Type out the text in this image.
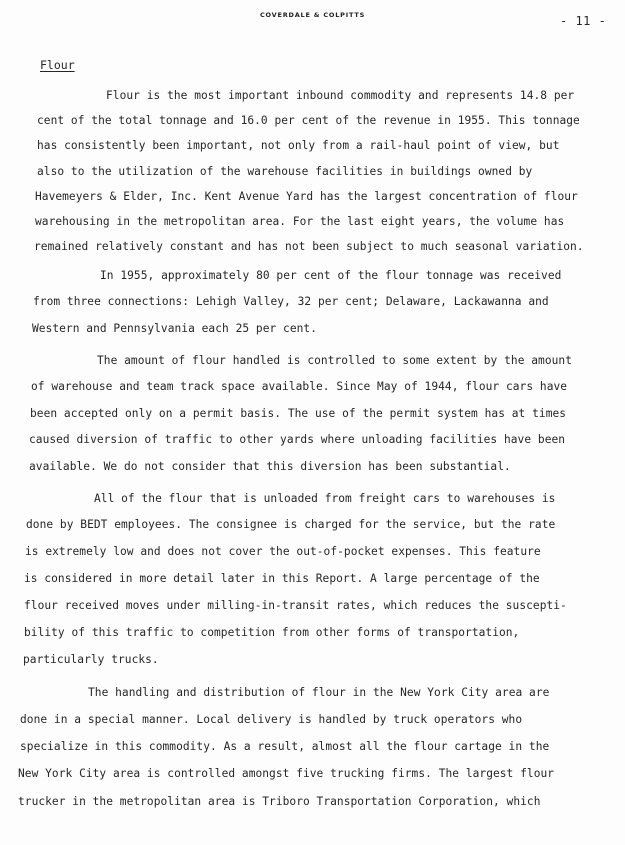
COVERDALE & COLPITTS	- 11 -
Flour
Flour is the most important inbound commodity and represents 14.8 per
cent of the total tonnage and 16.0 per cent of the revenue in 1955. This tonnage
has consistently been important, not only from a rail-haul point of view, but
also to the utilization of the warehouse facilities in buildings owned by
Havemeyers & Elder, Inc. Kent Avenue Yard has the largest concentration of flour
warehousing in the metropolitan area. For the last eight years, the volume has
remained relatively constant and has not been subject to much seasonal variation.
In 1955, approximately 80 per cent of the flour tonnage was received
from three connections: Lehigh Valley, 32 per cent; Delaware, Lackawanna and
Western and Pennsylvania each 25 per cent.
The amount of flour handled is controlled to some extent by the amount
of warehouse and team track space available. Since May of 1944, flour cars have
been accepted only on a permit basis. The use of the permit system has at times
caused diversion of traffic to other yards where unloading facilities have been
available. We do not consider that this diversion has been substantial.
All of the flour that is unloaded from freight cars to warehouses is
done by BEDT employees. The consignee is charged for the service, but the rate
is extremely low and does not cover the out-of-pocket expenses. This feature
is considered in more detail later in this Report. A large percentage of the
flour received moves under milling-in-transit rates, which reduces the suscepti-
bility of this traffic to competition from other forms of transportation,
particularly trucks.
The handling and distribution of flour in the New York City area are
done in a special manner. Local delivery is handled by truck operators who
specialize in this commodity. As a result, almost all the flour cartage in the
New York City area is controlled amongst five trucking firms. The largest flour
trucker in the metropolitan area is Triboro Transportation Corporation, which
